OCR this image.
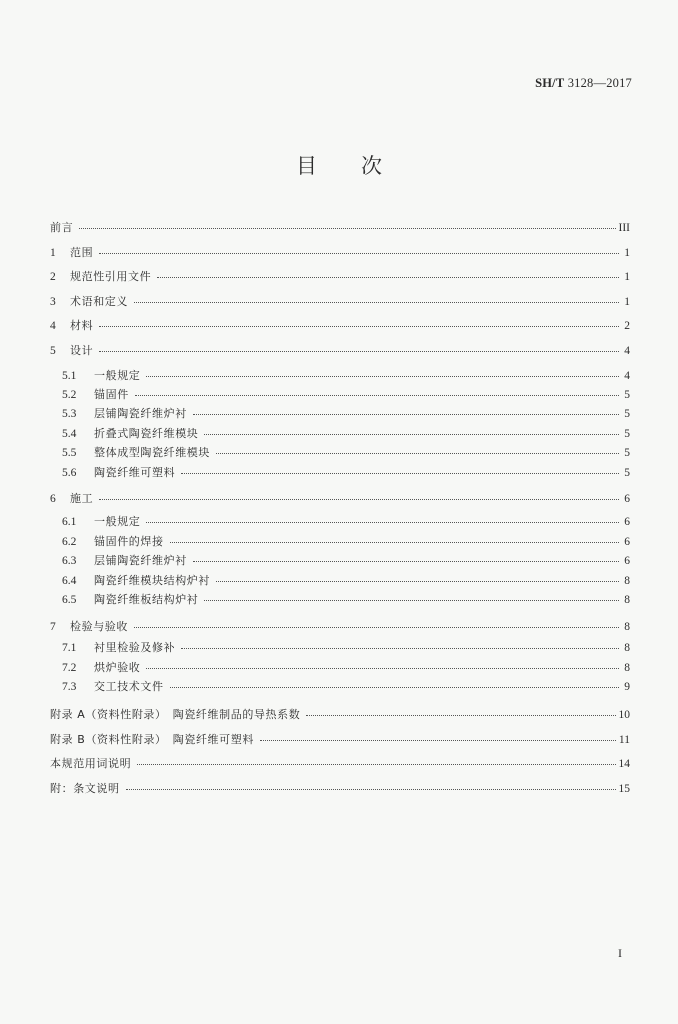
SH/T 3128—2017
目次
前言	III
1	范围	1
2	规范性引用文件	1
3	术语和定义	1
4	材料	2
5	设计	4
5.1	一般规定	4
5.2	锚固件	5
5.3	层铺陶瓷纤维炉衬	5
5.4	折叠式陶瓷纤维模块	5
5.5	整体成型陶瓷纤维模块	5
5.6	陶瓷纤维可塑料	5
6	施工	6
6.1	一般规定	6
6.2	锚固件的焊接	6
6.3	层铺陶瓷纤维炉衬	6
6.4	陶瓷纤维模块结构炉衬	8
6.5	陶瓷纤维板结构炉衬	8
7	检验与验收	8
7.1	衬里检验及修补	8
7.2	烘炉验收	8
7.3	交工技术文件	9
附录 A（资料性附录）　陶瓷纤维制品的导热系数	10
附录 B（资料性附录）　陶瓷纤维可塑料	11
本规范用词说明	14
附：条文说明	15
I
